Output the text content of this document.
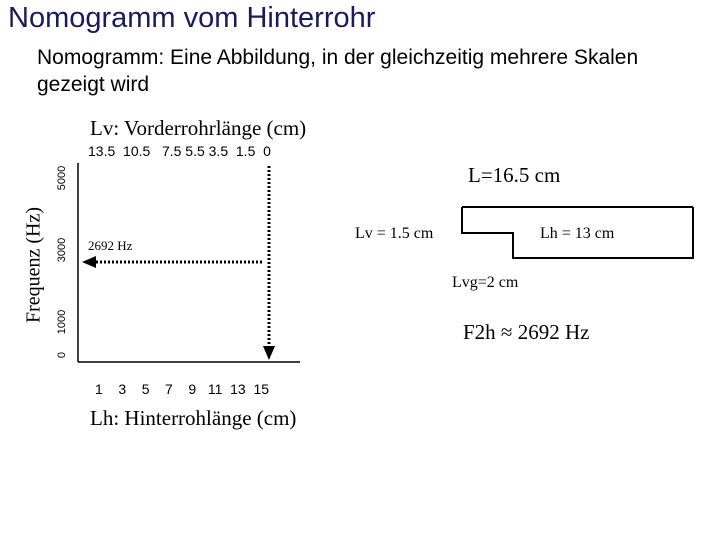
Nomogramm vom Hinterrohr
Nomogramm: Eine Abbildung, in der gleichzeitig mehrere Skalen gezeigt wird
Lv: Vorderrohrlänge (cm)
13.5  10.5   7.5 5.5 3.5  1.5  0
Frequenz (Hz)
5000
3000
1000
0
2692 Hz
1    3    5    7    9   11  13  15
Lh: Hinterrohlänge (cm)
L=16.5 cm
Lv = 1.5 cm	Lh = 13 cm
Lvg=2 cm
F2h ≈ 2692 Hz
